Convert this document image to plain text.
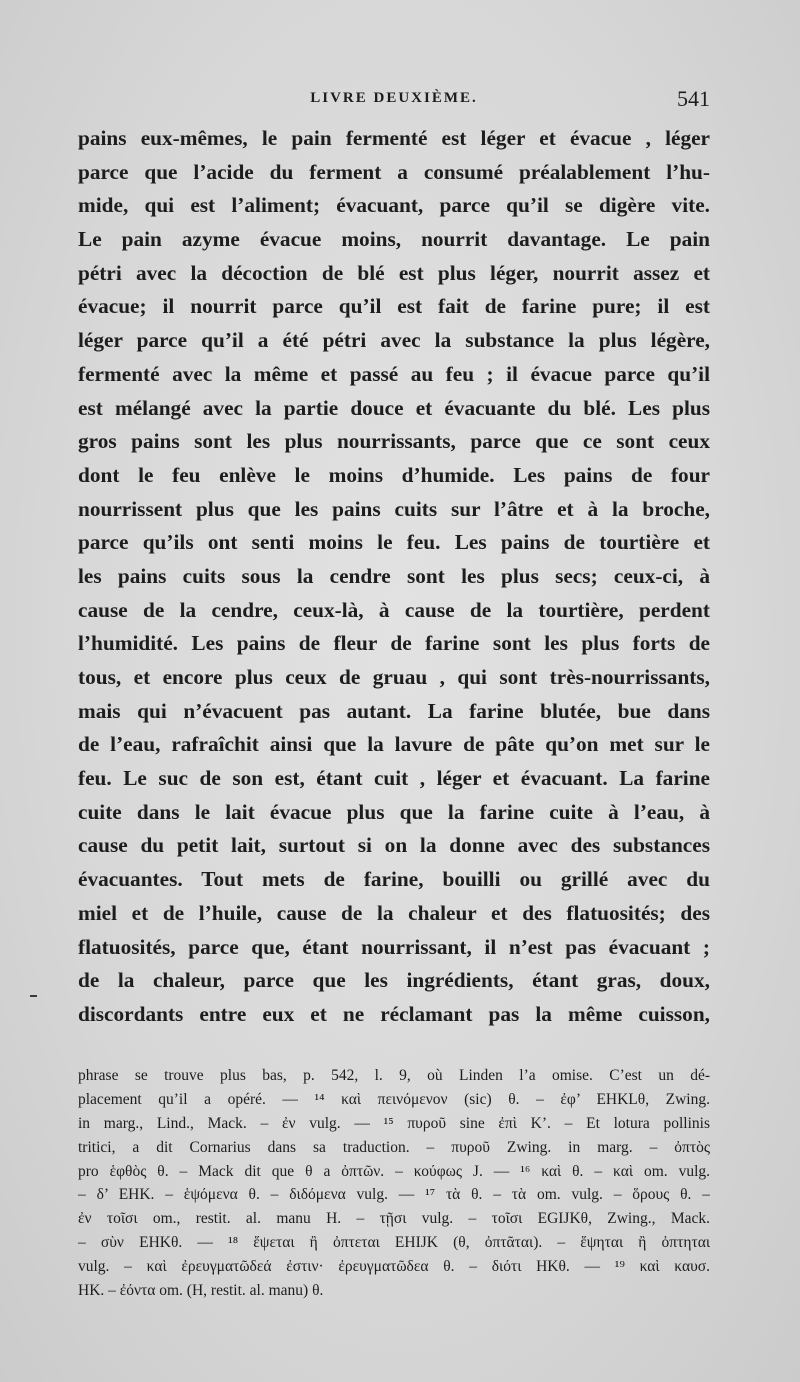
LIVRE DEUXIÈME.	541
pains eux-mêmes, le pain fermenté est léger et évacue , léger
parce que l’acide du ferment a consumé préalablement l’hu-
mide, qui est l’aliment; évacuant, parce qu’il se digère vite.
Le pain azyme évacue moins, nourrit davantage. Le pain
pétri avec la décoction de blé est plus léger, nourrit assez et
évacue; il nourrit parce qu’il est fait de farine pure; il est
léger parce qu’il a été pétri avec la substance la plus légère,
fermenté avec la même et passé au feu ; il évacue parce qu’il
est mélangé avec la partie douce et évacuante du blé. Les plus
gros pains sont les plus nourrissants, parce que ce sont ceux
dont le feu enlève le moins d’humide. Les pains de four
nourrissent plus que les pains cuits sur l’âtre et à la broche,
parce qu’ils ont senti moins le feu. Les pains de tourtière et
les pains cuits sous la cendre sont les plus secs; ceux-ci, à
cause de la cendre, ceux-là, à cause de la tourtière, perdent
l’humidité. Les pains de fleur de farine sont les plus forts de
tous, et encore plus ceux de gruau , qui sont très-nourrissants,
mais qui n’évacuent pas autant. La farine blutée, bue dans
de l’eau, rafraîchit ainsi que la lavure de pâte qu’on met sur le
feu. Le suc de son est, étant cuit , léger et évacuant. La farine
cuite dans le lait évacue plus que la farine cuite à l’eau, à
cause du petit lait, surtout si on la donne avec des substances
évacuantes. Tout mets de farine, bouilli ou grillé avec du
miel et de l’huile, cause de la chaleur et des flatuosités; des
flatuosités, parce que, étant nourrissant, il n’est pas évacuant ;
de la chaleur, parce que les ingrédients, étant gras, doux,
discordants entre eux et ne réclamant pas la même cuisson,
phrase se trouve plus bas, p. 542, l. 9, où Linden l’a omise. C’est un dé-
placement qu’il a opéré. — ¹⁴ καὶ πεινόμενον (sic) θ. – ἐφ’ EHKLθ, Zwing.
in marg., Lind., Mack. – ἐν vulg. — ¹⁵ πυροῦ sine ἐπὶ K’. – Et lotura pollinis
tritici, a dit Cornarius dans sa traduction. – πυροῦ Zwing. in marg. – ὀπτὸς
pro ἑφθὸς θ. – Mack dit que θ a ὀπτῶν. – κούφως J. — ¹⁶ καὶ θ. – καὶ om. vulg.
– δ’ EHK. – ἑψόμενα θ. – διδόμενα vulg. — ¹⁷ τὰ θ. – τὰ om. vulg. – ὅρους θ. –
ἐν τοῖσι om., restit. al. manu H. – τῇσι vulg. – τοῖσι EGIJKθ, Zwing., Mack.
– σὺν EHKθ. — ¹⁸ ἕψεται ἢ ὀπτεται EHIJK (θ, ὀπτᾶται). – ἕψηται ἢ ὀπτηται
vulg. – καὶ ἐρευγματῶδεά ἐστιν· ἐρευγματῶδεα θ. – διότι HKθ. — ¹⁹ καὶ καυσ.
HK. – ἐόντα om. (H, restit. al. manu) θ.
